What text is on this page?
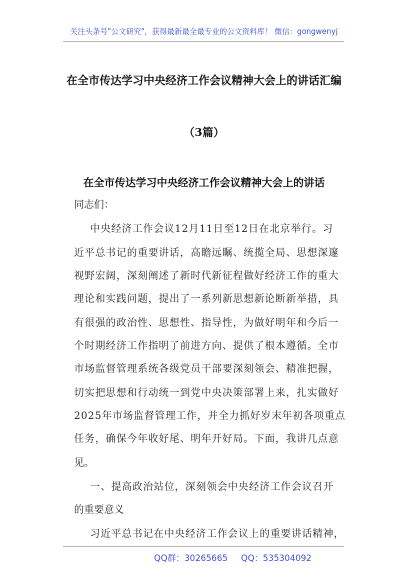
关注头条号"公文研究"，获得最新最全最专业的公文资料库！ 微信：gongwenyj
在全市传达学习中央经济工作会议精神大会上的讲话汇编
（3篇）
在全市传达学习中央经济工作会议精神大会上的讲话
同志们：
中央经济工作会议12月11日至12日在北京举行。习
近平总书记的重要讲话，高瞻远瞩、统揽全局、思想深邃
视野宏阔，深刻阐述了新时代新征程做好经济工作的重大
理论和实践问题，提出了一系列新思想新论断新举措，具
有很强的政治性、思想性、指导性，为做好明年和今后一
个时期经济工作指明了前进方向、提供了根本遵循。全市
市场监督管理系统各级党员干部要深刻领会、精准把握，
切实把思想和行动统一到党中央决策部署上来，扎实做好
2025年市场监督管理工作，并全力抓好岁末年初各项重点
任务，确保今年收好尾、明年开好局。下面，我讲几点意
见。
一、提高政治站位，深刻领会中央经济工作会议召开
的重要意义
习近平总书记在中央经济工作会议上的重要讲话精神，
QQ群：30265665 QQ：535304092
